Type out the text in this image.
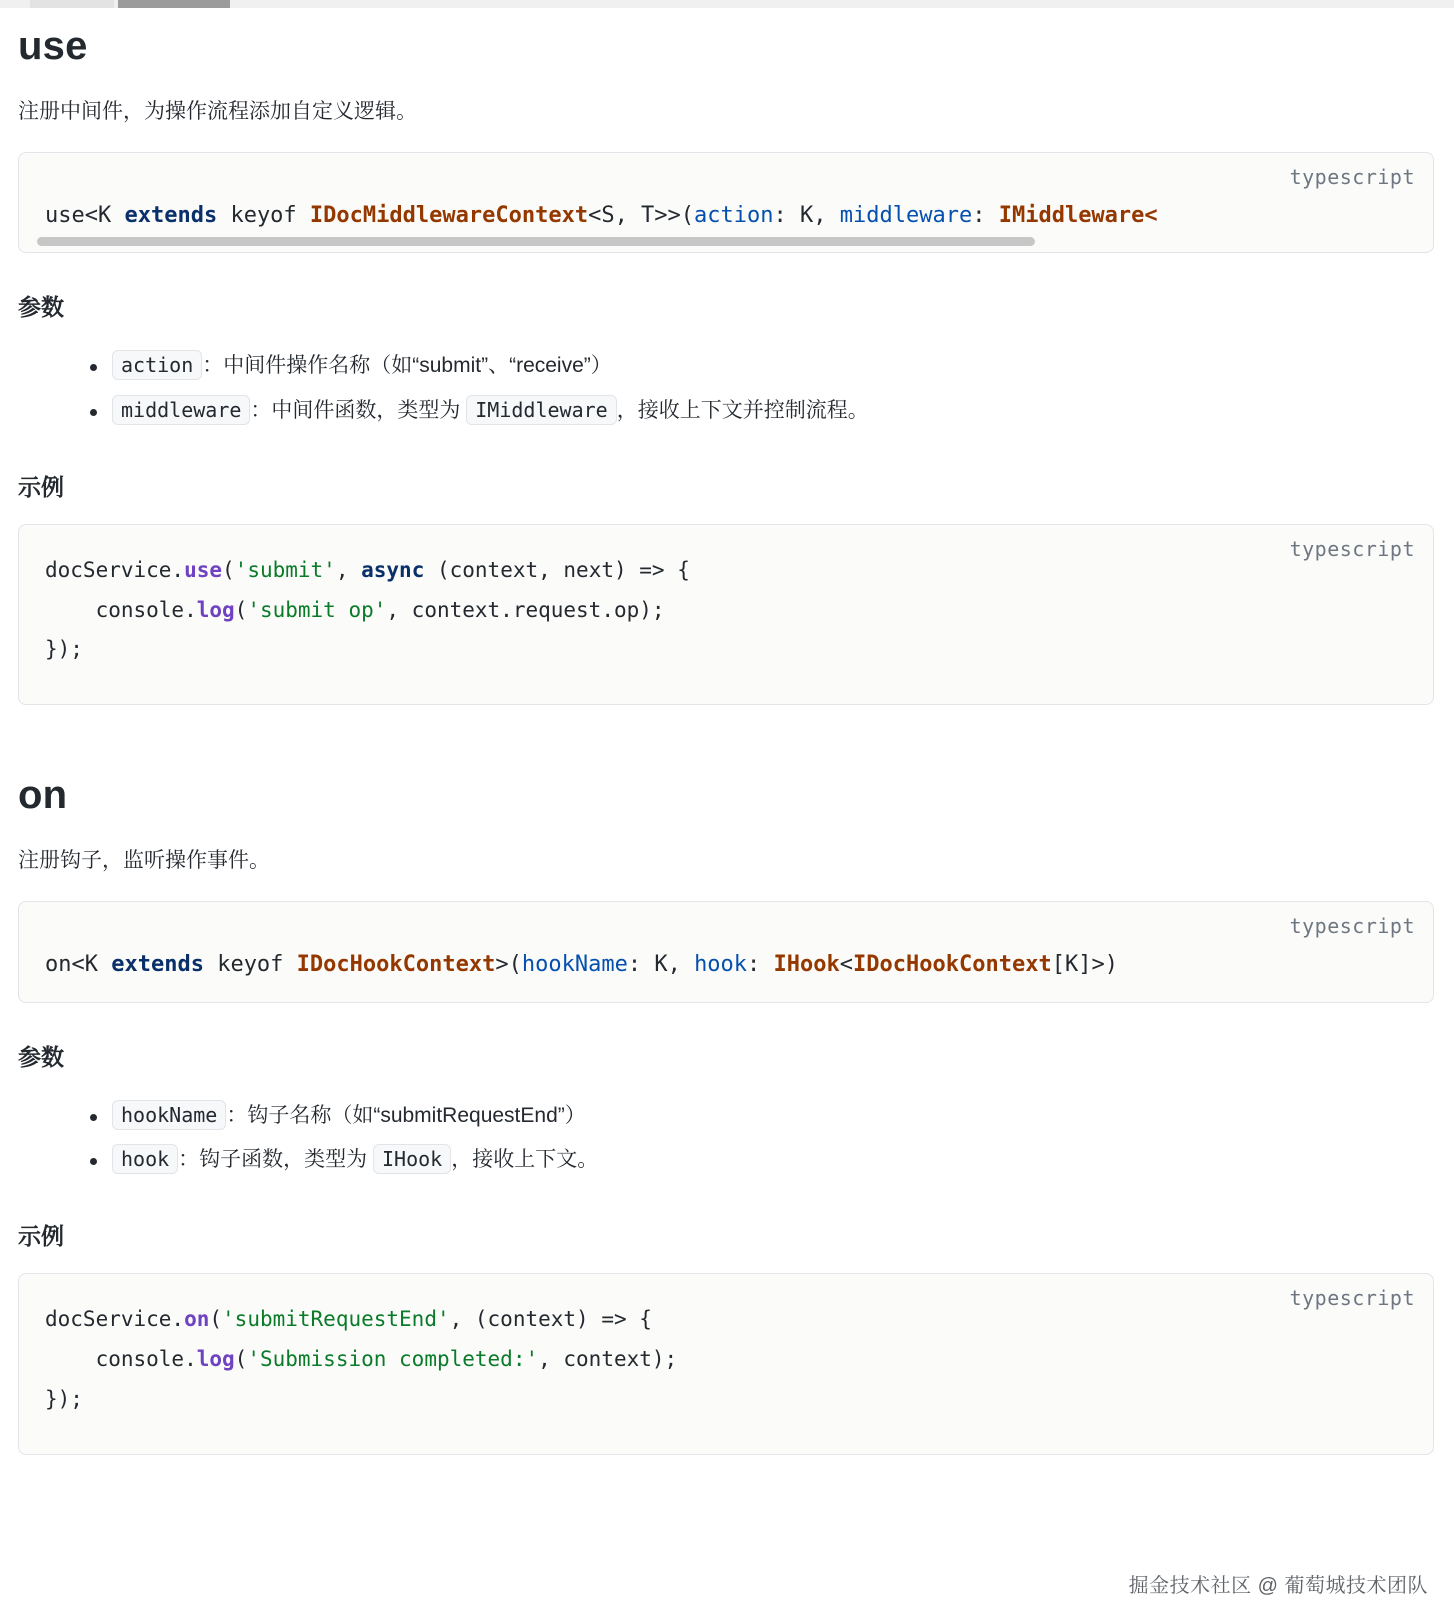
use

注册中间件，为操作流程添加自定义逻辑。

typescript
use<K extends keyof IDocMiddlewareContext<S, T>>(action: K, middleware: IMiddleware<
参数
action ：中间件操作名称（如“submit”、“receive”）
middleware ：中间件函数，类型为 IMiddleware ，接收上下文并控制流程。
示例
typescript
docService.use('submit', async (context, next) => {
console.log('submit op', context.request.op);
});
on

注册钩子，监听操作事件。

typescript
on<K extends keyof IDocHookContext>(hookName: K, hook: IHook<IDocHookContext[K]>)
参数
hookName ：钩子名称（如“submitRequestEnd”）
hook ：钩子函数，类型为 IHook ，接收上下文。
示例
typescript
docService.on('submitRequestEnd', (context) => {
console.log('Submission completed:', context);
});
掘金技术社区 @ 葡萄城技术团队
